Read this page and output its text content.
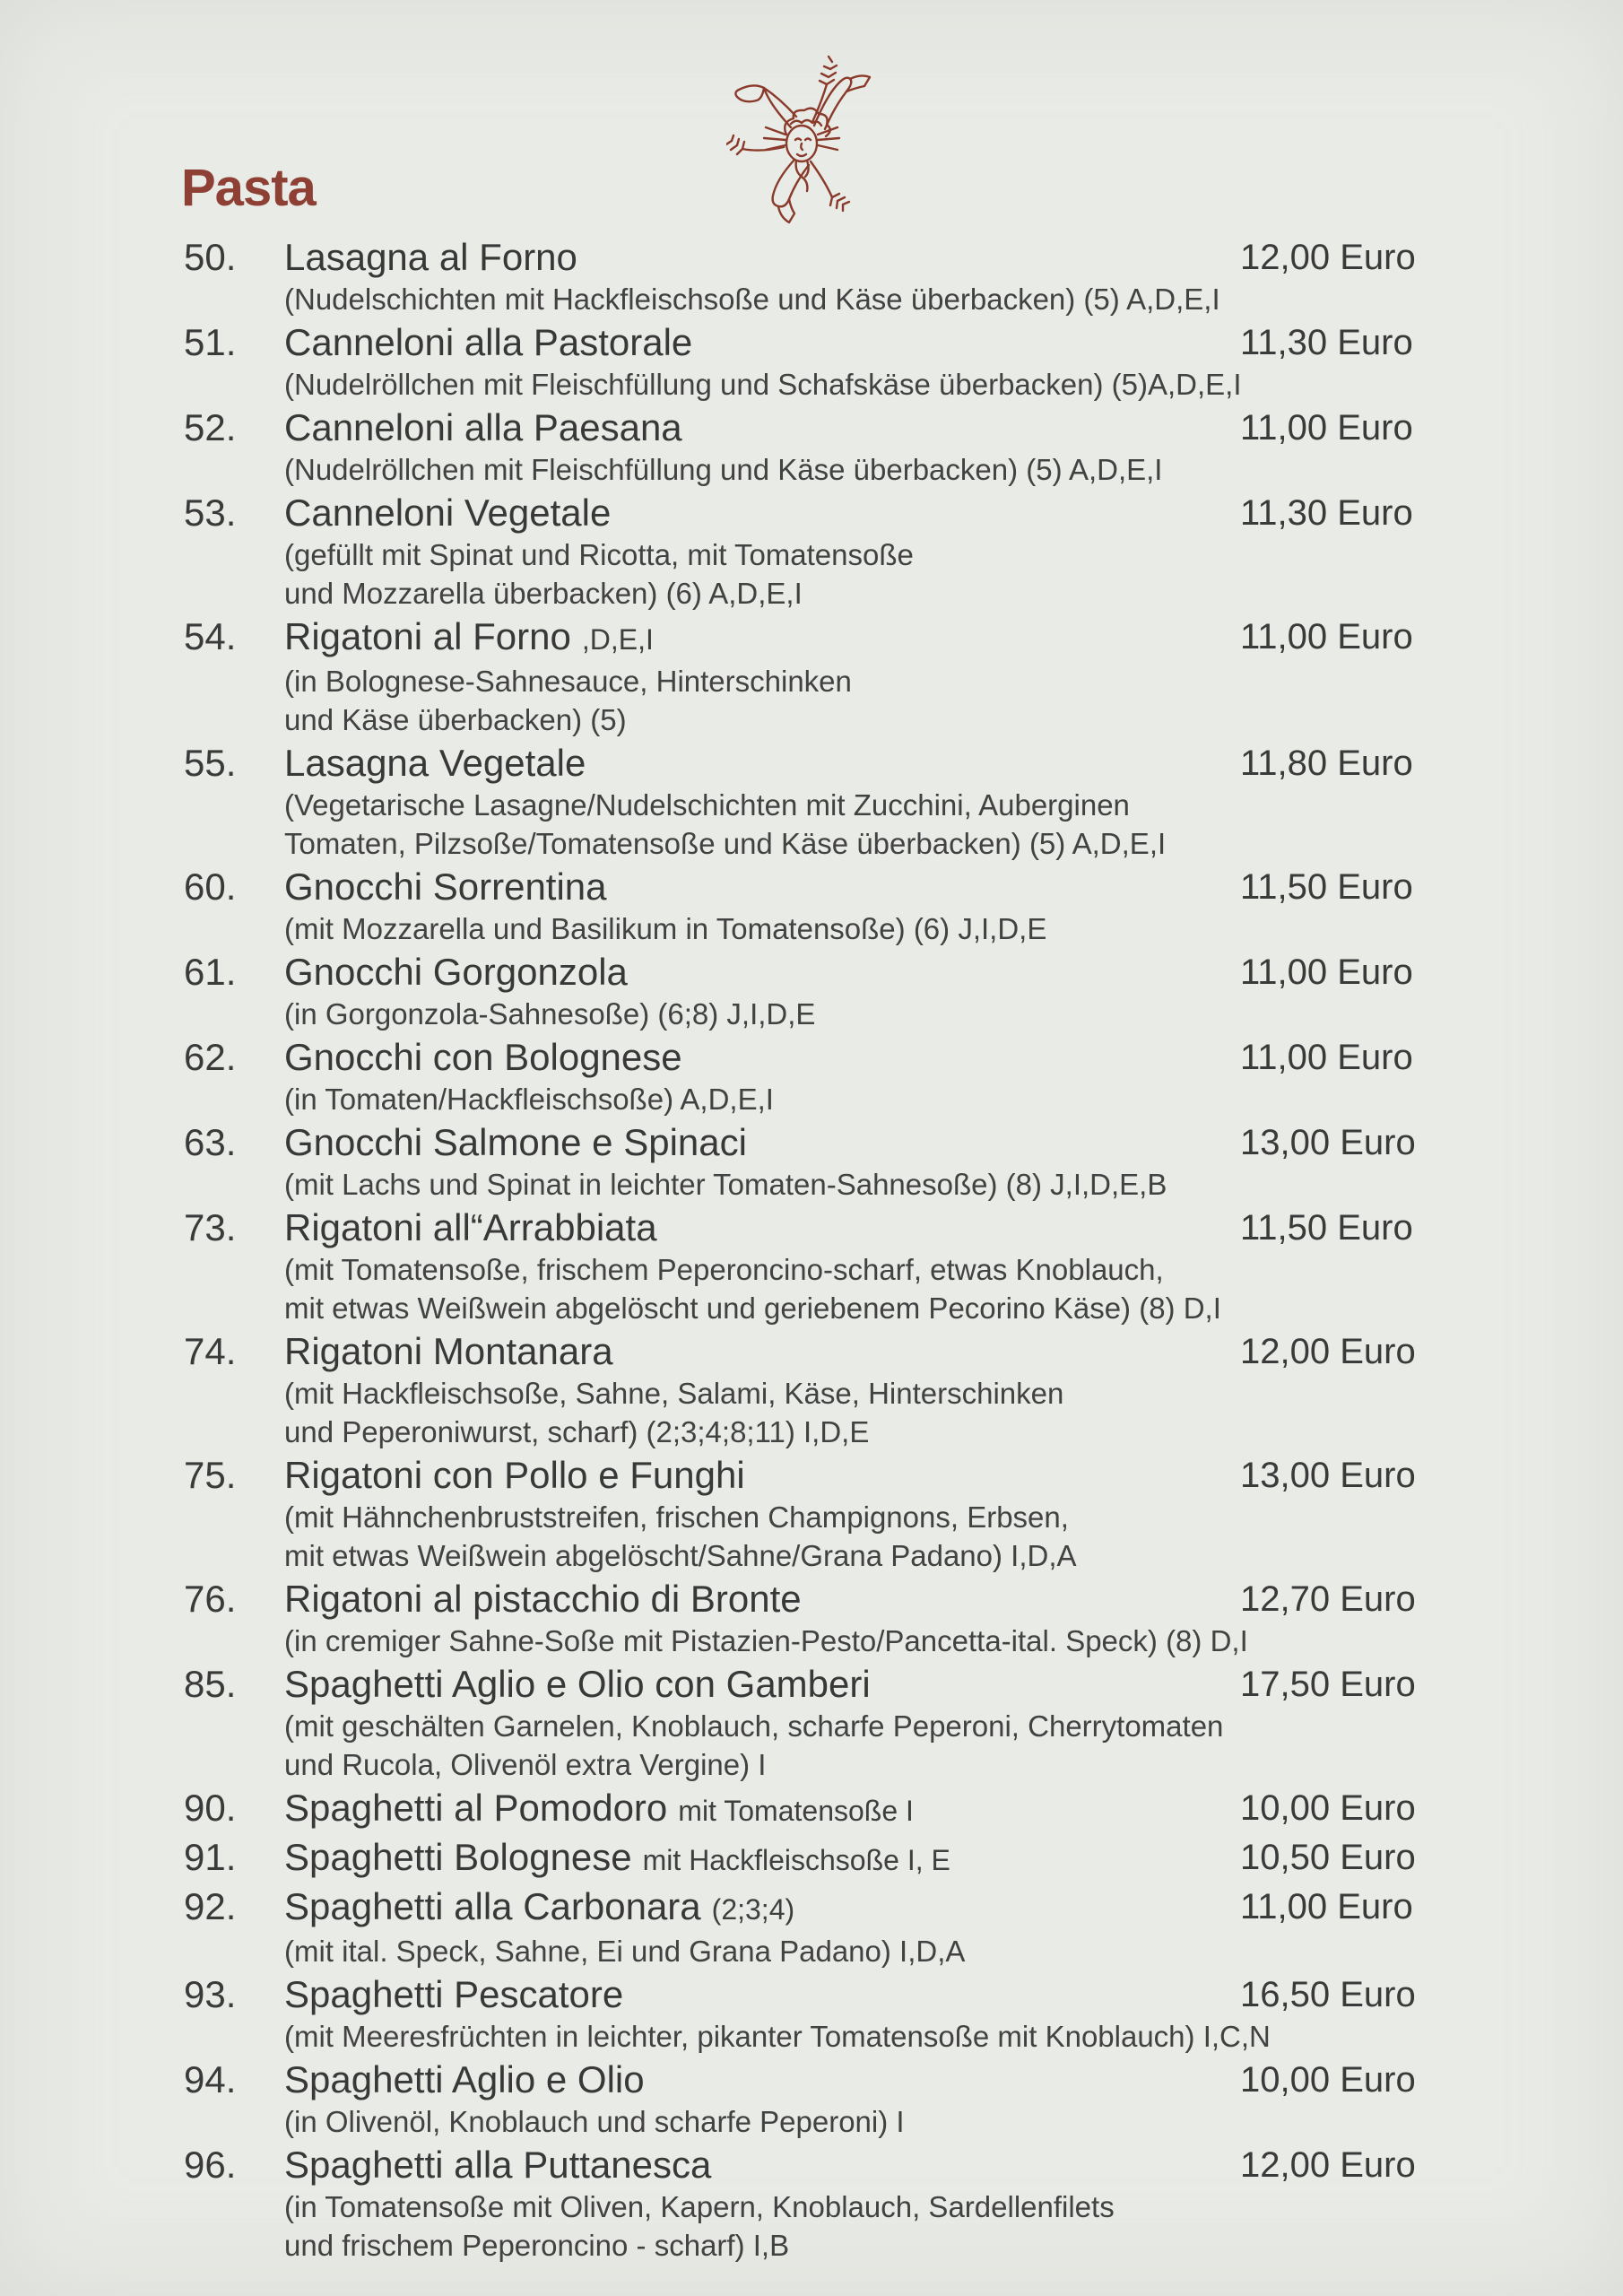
Pasta
50.	Lasagna al Forno
(Nudelschichten mit Hackfleischsoße und Käse überbacken) (5) A,D,E,I
12,00 Euro
51.	Canneloni alla Pastorale
(Nudelröllchen mit Fleischfüllung und Schafskäse überbacken) (5)A,D,E,I
11,30 Euro
52.	Canneloni alla Paesana
(Nudelröllchen mit Fleischfüllung und Käse überbacken) (5) A,D,E,I
11,00 Euro
53.	Canneloni Vegetale
(gefüllt mit Spinat und Ricotta, mit Tomatensoße
und Mozzarella überbacken) (6) A,D,E,I
11,30 Euro
54.	Rigatoni al Forno ,D,E,I
(in Bolognese-Sahnesauce, Hinterschinken
und Käse überbacken) (5)
11,00 Euro
55.	Lasagna Vegetale
(Vegetarische Lasagne/Nudelschichten mit Zucchini, Auberginen
Tomaten, Pilzsoße/Tomatensoße und Käse überbacken) (5) A,D,E,I
11,80 Euro
60.	Gnocchi Sorrentina
(mit Mozzarella und Basilikum in Tomatensoße) (6) J,I,D,E
11,50 Euro
61.	Gnocchi Gorgonzola
(in Gorgonzola-Sahnesoße) (6;8) J,I,D,E
11,00 Euro
62.	Gnocchi con Bolognese
(in Tomaten/Hackfleischsoße) A,D,E,I
11,00 Euro
63.	Gnocchi Salmone e Spinaci
(mit Lachs und Spinat in leichter Tomaten-Sahnesoße) (8) J,I,D,E,B
13,00 Euro
73.	Rigatoni all“Arrabbiata
(mit Tomatensoße, frischem Peperoncino-scharf, etwas Knoblauch,
mit etwas Weißwein abgelöscht und geriebenem Pecorino Käse) (8) D,I
11,50 Euro
74.	Rigatoni Montanara
(mit Hackfleischsoße, Sahne, Salami, Käse, Hinterschinken
und Peperoniwurst, scharf) (2;3;4;8;11) I,D,E
12,00 Euro
75.	Rigatoni con Pollo e Funghi
(mit Hähnchenbruststreifen, frischen Champignons, Erbsen,
mit etwas Weißwein abgelöscht/Sahne/Grana Padano) I,D,A
13,00 Euro
76.	Rigatoni al pistacchio di Bronte
(in cremiger Sahne-Soße mit Pistazien-Pesto/Pancetta-ital. Speck) (8) D,I
12,70 Euro
85.	Spaghetti Aglio e Olio con Gamberi
(mit geschälten Garnelen, Knoblauch, scharfe Peperoni, Cherrytomaten
und Rucola, Olivenöl extra Vergine) I
17,50 Euro
90.	Spaghetti al Pomodoro mit Tomatensoße I	10,00 Euro
91.	Spaghetti Bolognese mit Hackfleischsoße I, E	10,50 Euro
92.	Spaghetti alla Carbonara (2;3;4)
(mit ital. Speck, Sahne, Ei und Grana Padano) I,D,A
11,00 Euro
93.	Spaghetti Pescatore
(mit Meeresfrüchten in leichter, pikanter Tomatensoße mit Knoblauch) I,C,N
16,50 Euro
94.	Spaghetti Aglio e Olio
(in Olivenöl, Knoblauch und scharfe Peperoni) I
10,00 Euro
96.	Spaghetti alla Puttanesca
(in Tomatensoße mit Oliven, Kapern, Knoblauch, Sardellenfilets
und frischem Peperoncino - scharf) I,B
12,00 Euro
